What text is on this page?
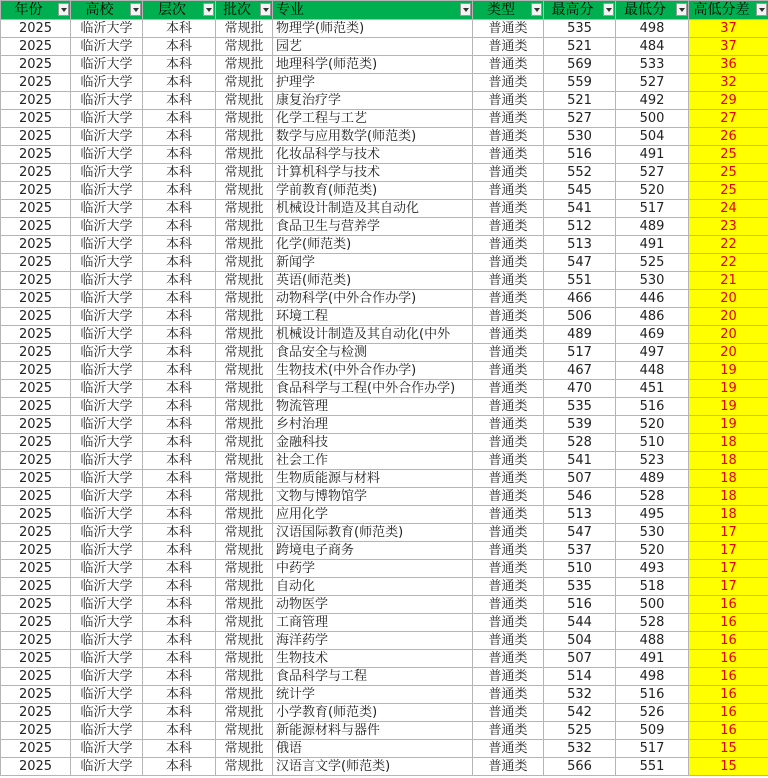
年份	高校	层次	批次	专业	类型	最高分	最低分	高低分差

2025	临沂大学	本科	常规批	物理学(师范类)	普通类	535	498	37
2025	临沂大学	本科	常规批	园艺	普通类	521	484	37
2025	临沂大学	本科	常规批	地理科学(师范类)	普通类	569	533	36
2025	临沂大学	本科	常规批	护理学	普通类	559	527	32
2025	临沂大学	本科	常规批	康复治疗学	普通类	521	492	29
2025	临沂大学	本科	常规批	化学工程与工艺	普通类	527	500	27
2025	临沂大学	本科	常规批	数学与应用数学(师范类)	普通类	530	504	26
2025	临沂大学	本科	常规批	化妆品科学与技术	普通类	516	491	25
2025	临沂大学	本科	常规批	计算机科学与技术	普通类	552	527	25
2025	临沂大学	本科	常规批	学前教育(师范类)	普通类	545	520	25
2025	临沂大学	本科	常规批	机械设计制造及其自动化	普通类	541	517	24
2025	临沂大学	本科	常规批	食品卫生与营养学	普通类	512	489	23
2025	临沂大学	本科	常规批	化学(师范类)	普通类	513	491	22
2025	临沂大学	本科	常规批	新闻学	普通类	547	525	22
2025	临沂大学	本科	常规批	英语(师范类)	普通类	551	530	21
2025	临沂大学	本科	常规批	动物科学(中外合作办学)	普通类	466	446	20
2025	临沂大学	本科	常规批	环境工程	普通类	506	486	20
2025	临沂大学	本科	常规批	机械设计制造及其自动化(中外	普通类	489	469	20
2025	临沂大学	本科	常规批	食品安全与检测	普通类	517	497	20
2025	临沂大学	本科	常规批	生物技术(中外合作办学)	普通类	467	448	19
2025	临沂大学	本科	常规批	食品科学与工程(中外合作办学)	普通类	470	451	19
2025	临沂大学	本科	常规批	物流管理	普通类	535	516	19
2025	临沂大学	本科	常规批	乡村治理	普通类	539	520	19
2025	临沂大学	本科	常规批	金融科技	普通类	528	510	18
2025	临沂大学	本科	常规批	社会工作	普通类	541	523	18
2025	临沂大学	本科	常规批	生物质能源与材料	普通类	507	489	18
2025	临沂大学	本科	常规批	文物与博物馆学	普通类	546	528	18
2025	临沂大学	本科	常规批	应用化学	普通类	513	495	18
2025	临沂大学	本科	常规批	汉语国际教育(师范类)	普通类	547	530	17
2025	临沂大学	本科	常规批	跨境电子商务	普通类	537	520	17
2025	临沂大学	本科	常规批	中药学	普通类	510	493	17
2025	临沂大学	本科	常规批	自动化	普通类	535	518	17
2025	临沂大学	本科	常规批	动物医学	普通类	516	500	16
2025	临沂大学	本科	常规批	工商管理	普通类	544	528	16
2025	临沂大学	本科	常规批	海洋药学	普通类	504	488	16
2025	临沂大学	本科	常规批	生物技术	普通类	507	491	16
2025	临沂大学	本科	常规批	食品科学与工程	普通类	514	498	16
2025	临沂大学	本科	常规批	统计学	普通类	532	516	16
2025	临沂大学	本科	常规批	小学教育(师范类)	普通类	542	526	16
2025	临沂大学	本科	常规批	新能源材料与器件	普通类	525	509	16
2025	临沂大学	本科	常规批	俄语	普通类	532	517	15
2025	临沂大学	本科	常规批	汉语言文学(师范类)	普通类	566	551	15
